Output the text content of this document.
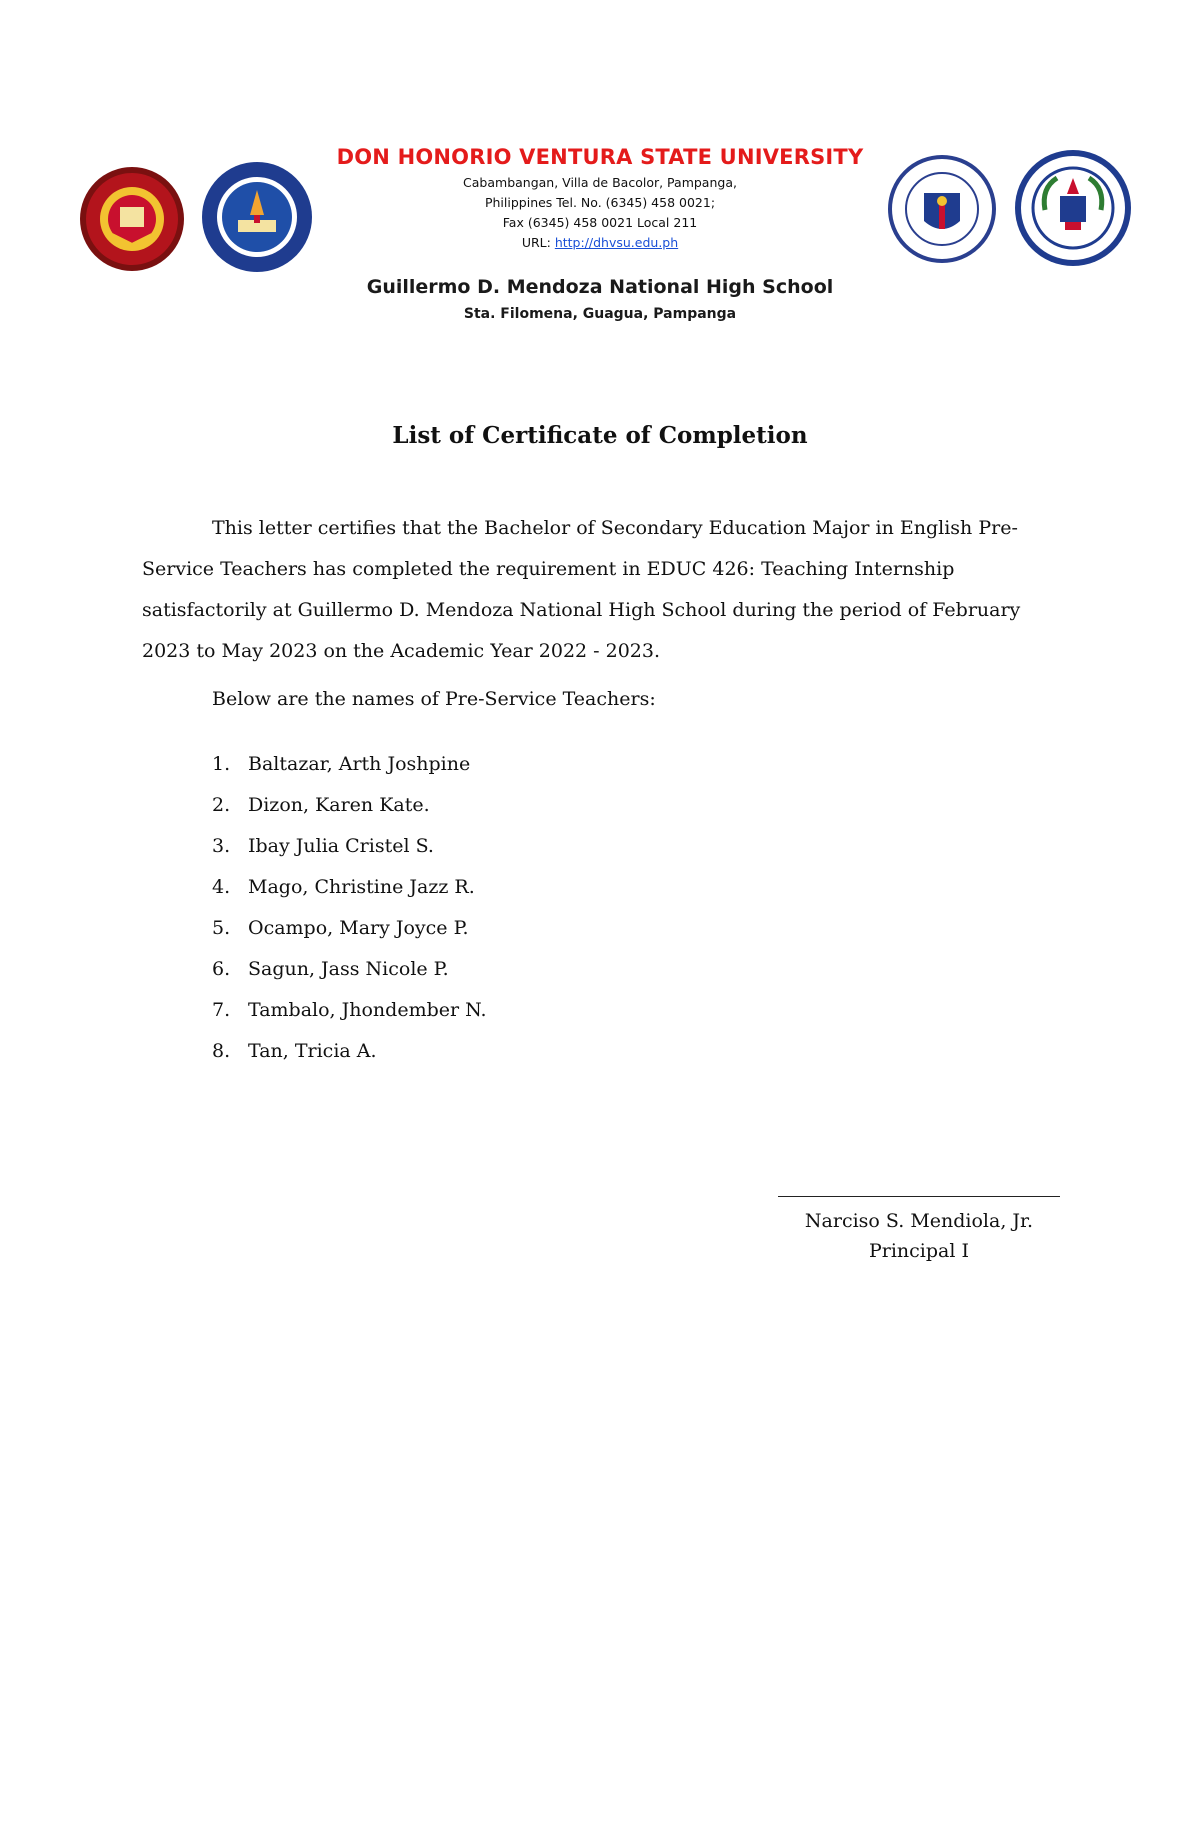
DON HONORIO VENTURA STATE UNIVERSITY
Cabambangan, Villa de Bacolor, Pampanga,
Philippines Tel. No. (6345) 458 0021;
Fax (6345) 458 0021 Local 211
URL: http://dhvsu.edu.ph
Guillermo D. Mendoza National High School
Sta. Filomena, Guagua, Pampanga
List of Certificate of Completion
This letter certifies that the Bachelor of Secondary Education Major in English Pre-Service Teachers has completed the requirement in EDUC 426: Teaching Internship satisfactorily at Guillermo D. Mendoza National High School during the period of February 2023 to May 2023 on the Academic Year 2022 - 2023.
Below are the names of Pre-Service Teachers:
1. Baltazar, Arth Joshpine
2. Dizon, Karen Kate.
3. Ibay Julia Cristel S.
4. Mago, Christine Jazz R.
5. Ocampo, Mary Joyce P.
6. Sagun, Jass Nicole P.
7. Tambalo, Jhondember N.
8. Tan, Tricia A.
Narciso S. Mendiola, Jr.
Principal I
